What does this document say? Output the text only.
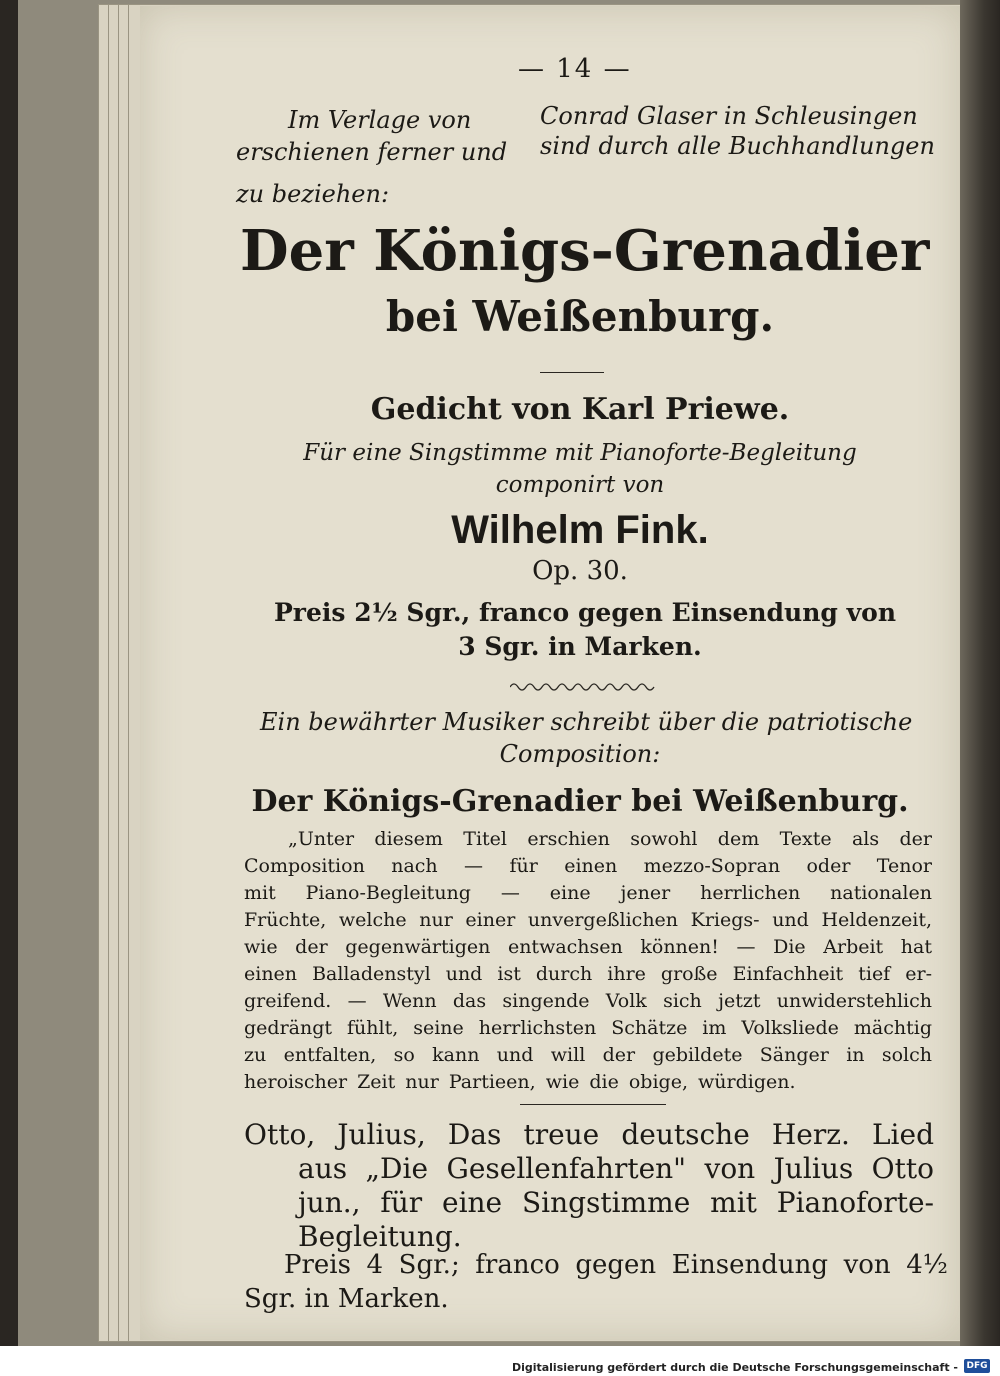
— 14 —
Im Verlage von	Conrad Glaser in Schleusingen
erschienen ferner und sind durch alle Buchhandlungen
zu beziehen:
Der Königs-Grenadier
bei Weißenburg.
Gedicht von Karl Priewe.
Für eine Singstimme mit Pianoforte-Begleitung
componirt von
Wilhelm Fink.
Op. 30.
Preis 2½ Sgr., franco gegen Einsendung von
3 Sgr. in Marken.
Ein bewährter Musiker schreibt über die patriotische
Composition:
Der Königs-Grenadier bei Weißenburg.
„Unter diesem Titel erschien sowohl dem Texte als der
Composition nach — für einen mezzo-Sopran oder Tenor
mit Piano-Begleitung — eine jener herrlichen nationalen
Früchte, welche nur einer unvergeßlichen Kriegs- und Heldenzeit,
wie der gegenwärtigen entwachsen können! — Die Arbeit hat
einen Balladenstyl und ist durch ihre große Einfachheit tief er-
greifend. — Wenn das singende Volk sich jetzt unwiderstehlich
gedrängt fühlt, seine herrlichsten Schätze im Volksliede mächtig
zu entfalten, so kann und will der gebildete Sänger in solch
heroischer Zeit nur Partieen, wie die obige, würdigen.
Otto, Julius, Das treue deutsche Herz. Lied
aus „Die Gesellenfahrten" von Julius Otto
jun., für eine Singstimme mit Pianoforte-
Begleitung.
Preis 4 Sgr.; franco gegen Einsendung von 4½
Sgr. in Marken.
Digitalisierung gefördert durch die Deutsche Forschungsgemeinschaft - DFG
